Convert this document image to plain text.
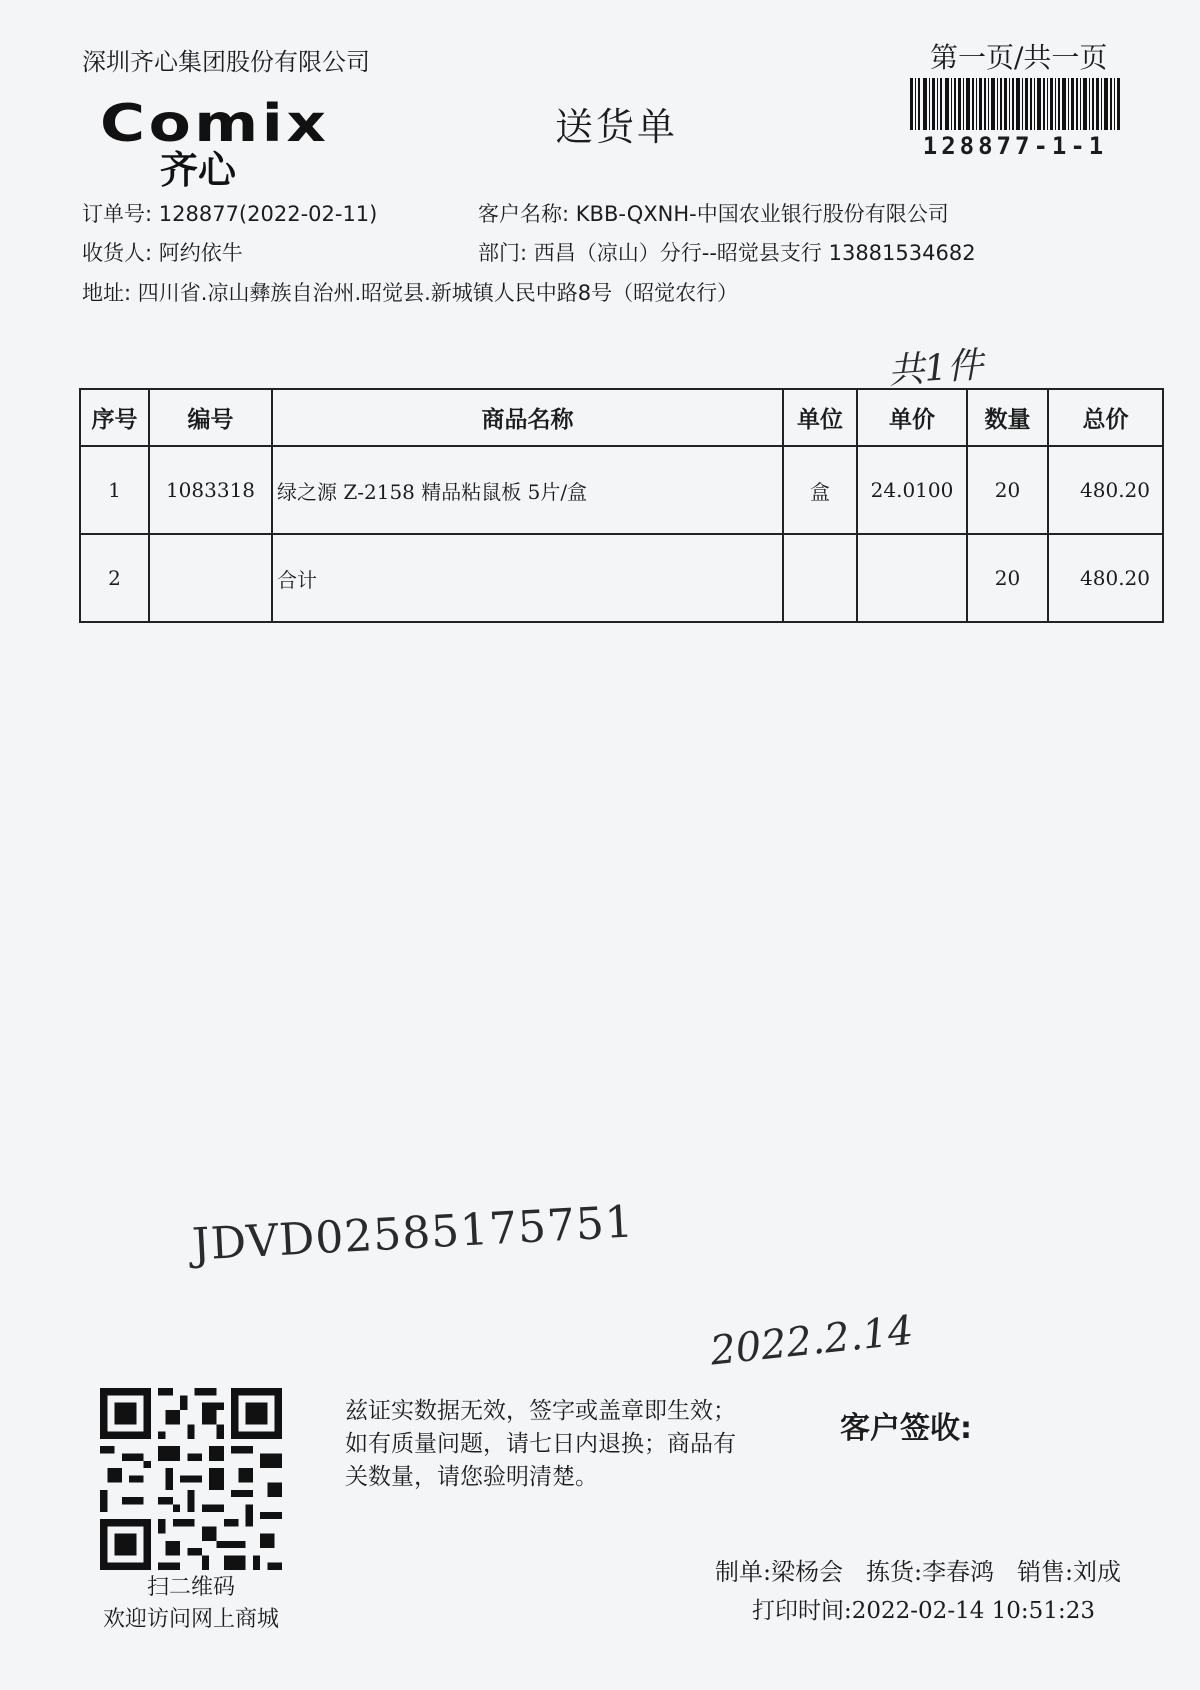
深圳齐心集团股份有限公司
Comix
齐心
送货单
第一页/共一页
128877-1-1
订单号: 128877(2022-02-11)	客户名称: KBB-QXNH-中国农业银行股份有限公司
收货人: 阿约依牛	部门: 西昌（凉山）分行--昭觉县支行 13881534682
地址: 四川省.凉山彝族自治州.昭觉县.新城镇人民中路8号（昭觉农行）
共1件
序号	编号	商品名称	单位	单价	数量	总价
1	1083318	绿之源 Z-2158 精品粘鼠板 5片/盒	盒	24.0100	20	480.20
2		合计			20	480.20
JDVD02585175751
2022.2.14
扫二维码
欢迎访问网上商城
兹证实数据无效，签字或盖章即生效；如有质量问题，请七日内退换；商品有关数量，请您验明清楚。
客户签收:
制单:梁杨会 拣货:李春鸿 销售:刘成
打印时间:2022-02-14 10:51:23
